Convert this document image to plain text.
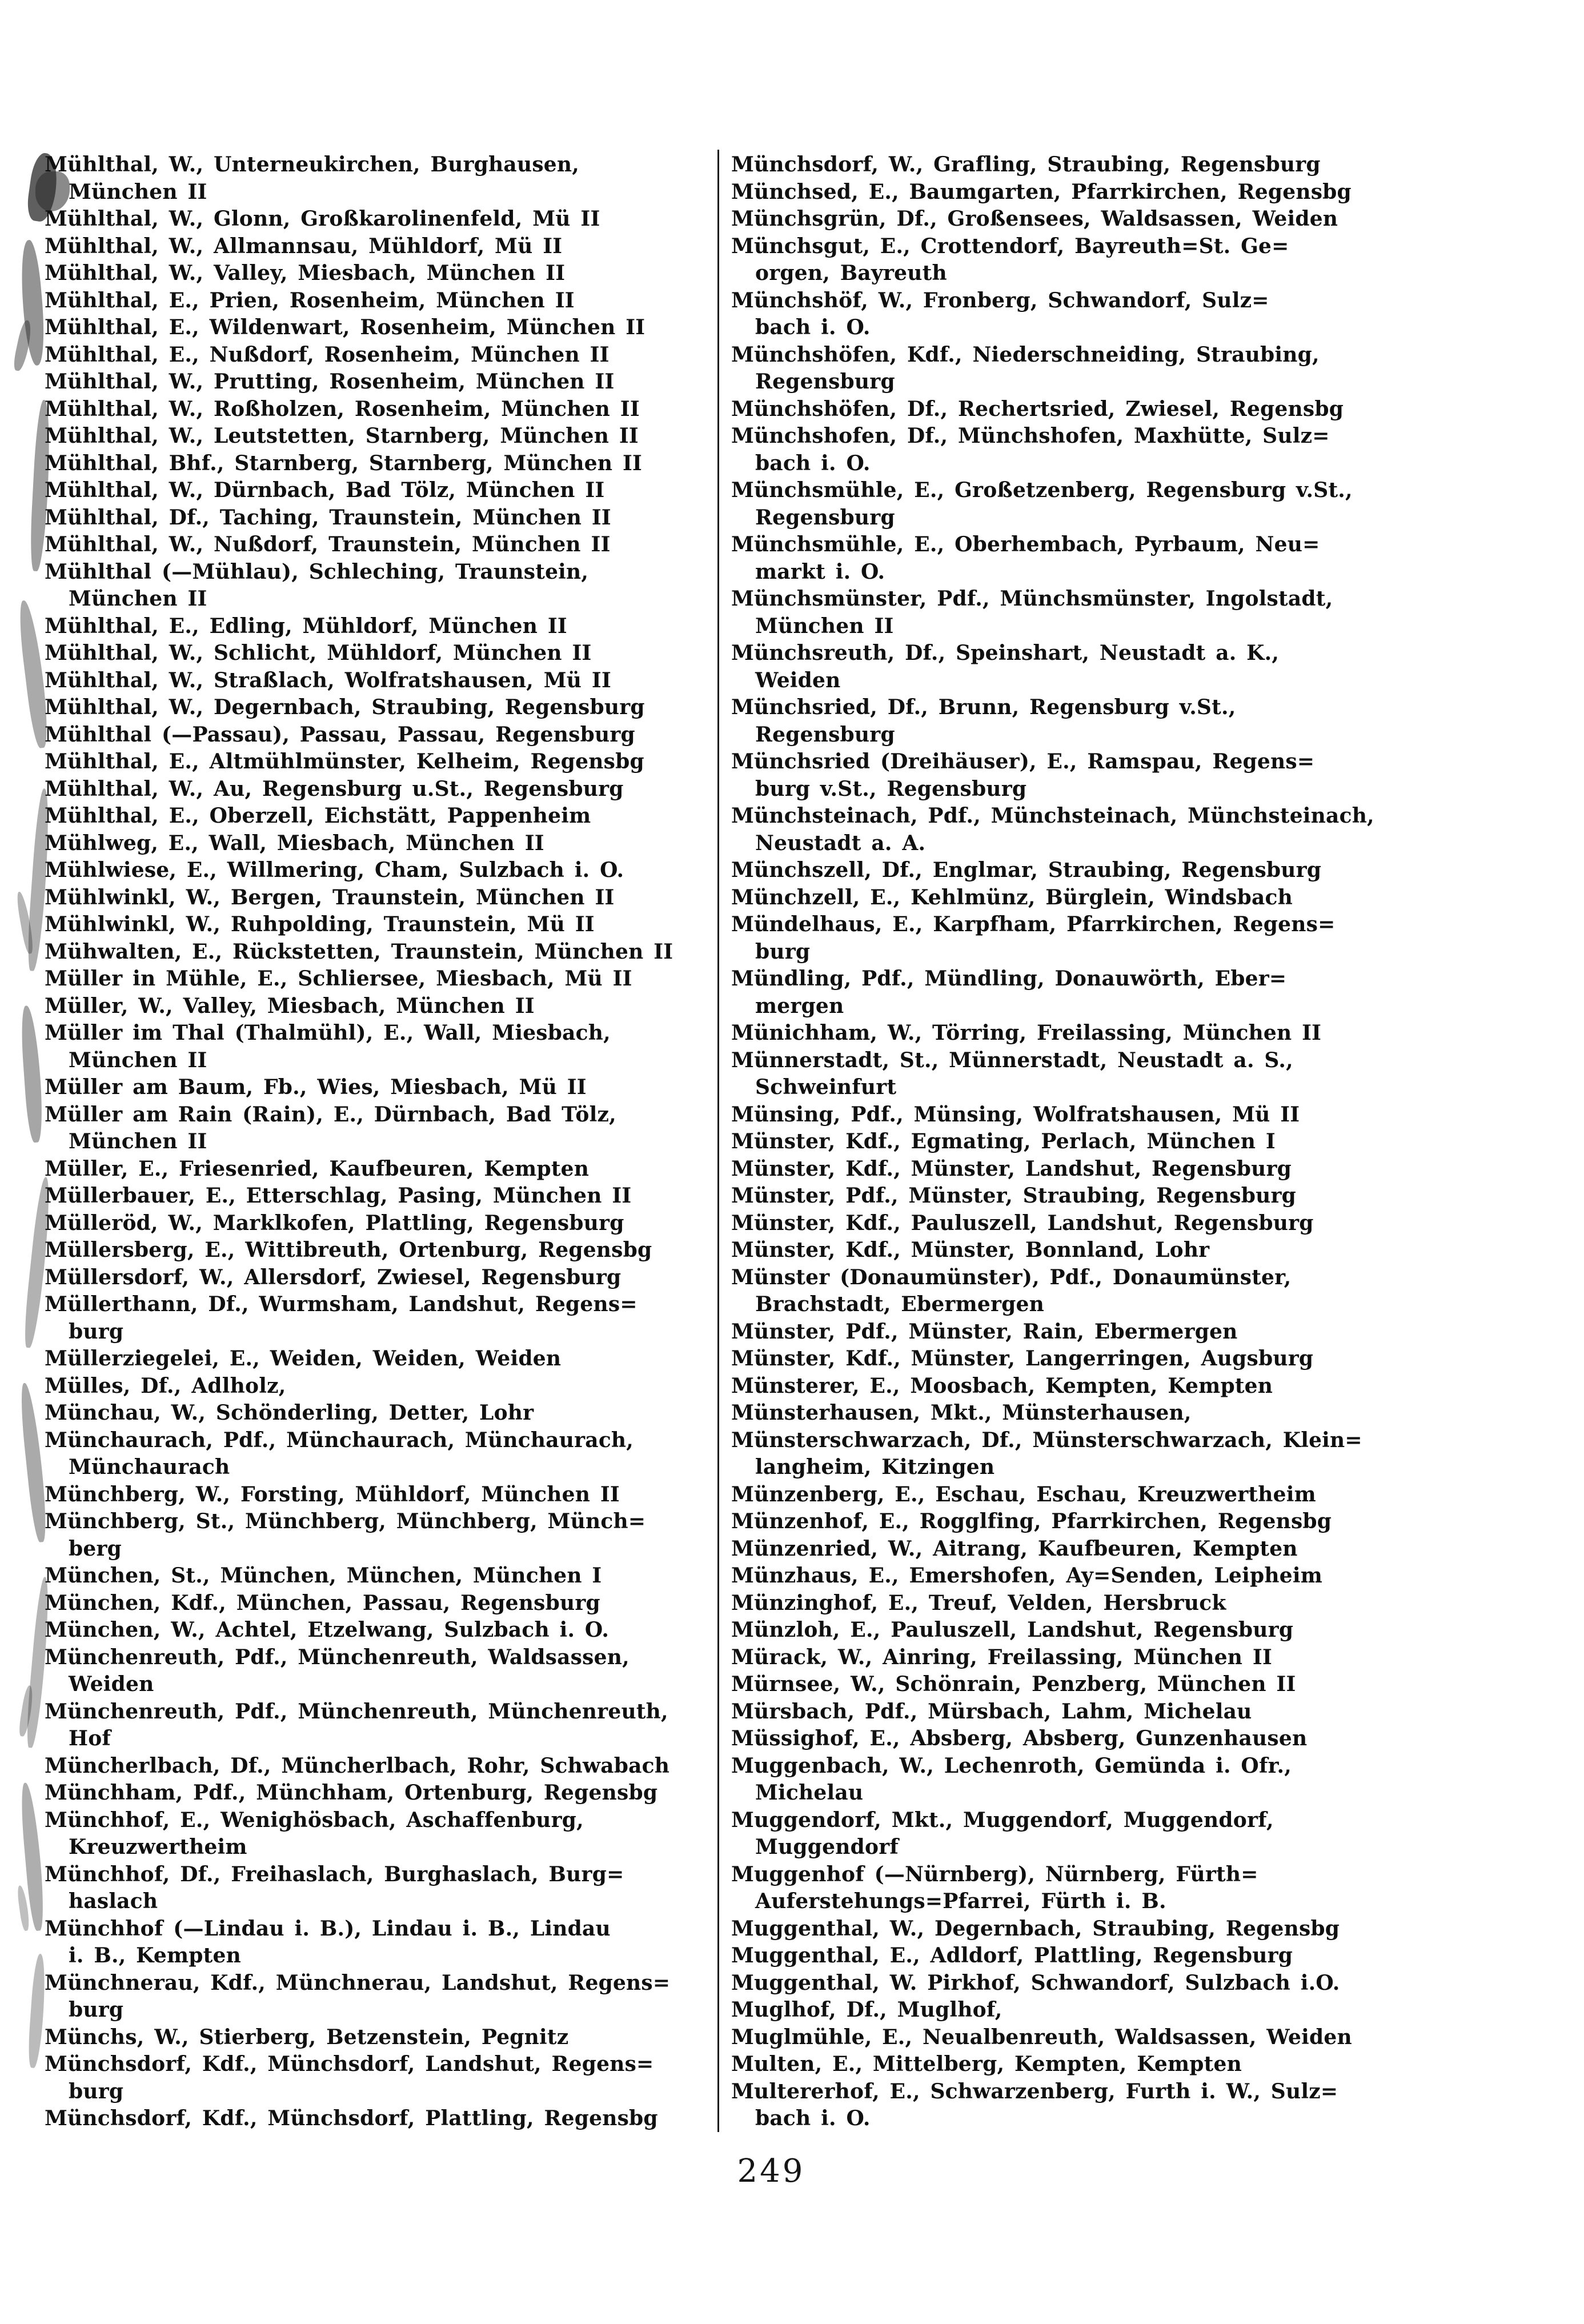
Mühlthal, W., Unterneukirchen, Burghausen,
München II
Mühlthal, W., Glonn, Großkarolinenfeld, Mü II
Mühlthal, W., Allmannsau, Mühldorf, Mü II
Mühlthal, W., Valley, Miesbach, München II
Mühlthal, E., Prien, Rosenheim, München II
Mühlthal, E., Wildenwart, Rosenheim, München II
Mühlthal, E., Nußdorf, Rosenheim, München II
Mühlthal, W., Prutting, Rosenheim, München II
Mühlthal, W., Roßholzen, Rosenheim, München II
Mühlthal, W., Leutstetten, Starnberg, München II
Mühlthal, Bhf., Starnberg, Starnberg, München II
Mühlthal, W., Dürnbach, Bad Tölz, München II
Mühlthal, Df., Taching, Traunstein, München II
Mühlthal, W., Nußdorf, Traunstein, München II
Mühlthal (—Mühlau), Schleching, Traunstein,
München II
Mühlthal, E., Edling, Mühldorf, München II
Mühlthal, W., Schlicht, Mühldorf, München II
Mühlthal, W., Straßlach, Wolfratshausen, Mü II
Mühlthal, W., Degernbach, Straubing, Regensburg
Mühlthal (—Passau), Passau, Passau, Regensburg
Mühlthal, E., Altmühlmünster, Kelheim, Regensbg
Mühlthal, W., Au, Regensburg u.St., Regensburg
Mühlthal, E., Oberzell, Eichstätt, Pappenheim
Mühlweg, E., Wall, Miesbach, München II
Mühlwiese, E., Willmering, Cham, Sulzbach i. O.
Mühlwinkl, W., Bergen, Traunstein, München II
Mühlwinkl, W., Ruhpolding, Traunstein, Mü II
Mühwalten, E., Rückstetten, Traunstein, München II
Müller in Mühle, E., Schliersee, Miesbach, Mü II
Müller, W., Valley, Miesbach, München II
Müller im Thal (Thalmühl), E., Wall, Miesbach,
München II
Müller am Baum, Fb., Wies, Miesbach, Mü II
Müller am Rain (Rain), E., Dürnbach, Bad Tölz,
München II
Müller, E., Friesenried, Kaufbeuren, Kempten
Müllerbauer, E., Etterschlag, Pasing, München II
Mülleröd, W., Marklkofen, Plattling, Regensburg
Müllersberg, E., Wittibreuth, Ortenburg, Regensbg
Müllersdorf, W., Allersdorf, Zwiesel, Regensburg
Müllerthann, Df., Wurmsham, Landshut, Regens=
burg
Müllerziegelei, E., Weiden, Weiden, Weiden
Mülles, Df., Adlholz,
Münchau, W., Schönderling, Detter, Lohr
Münchaurach, Pdf., Münchaurach, Münchaurach,
Münchaurach
Münchberg, W., Forsting, Mühldorf, München II
Münchberg, St., Münchberg, Münchberg, Münch=
berg
München, St., München, München, München I
München, Kdf., München, Passau, Regensburg
München, W., Achtel, Etzelwang, Sulzbach i. O.
Münchenreuth, Pdf., Münchenreuth, Waldsassen,
Weiden
Münchenreuth, Pdf., Münchenreuth, Münchenreuth,
Hof
Müncherlbach, Df., Müncherlbach, Rohr, Schwabach
Münchham, Pdf., Münchham, Ortenburg, Regensbg
Münchhof, E., Wenighösbach, Aschaffenburg,
Kreuzwertheim
Münchhof, Df., Freihaslach, Burghaslach, Burg=
haslach
Münchhof (—Lindau i. B.), Lindau i. B., Lindau
i. B., Kempten
Münchnerau, Kdf., Münchnerau, Landshut, Regens=
burg
Münchs, W., Stierberg, Betzenstein, Pegnitz
Münchsdorf, Kdf., Münchsdorf, Landshut, Regens=
burg
Münchsdorf, Kdf., Münchsdorf, Plattling, Regensbg
Münchsdorf, W., Grafling, Straubing, Regensburg
Münchsed, E., Baumgarten, Pfarrkirchen, Regensbg
Münchsgrün, Df., Großensees, Waldsassen, Weiden
Münchsgut, E., Crottendorf, Bayreuth=St. Ge=
orgen, Bayreuth
Münchshöf, W., Fronberg, Schwandorf, Sulz=
bach i. O.
Münchshöfen, Kdf., Niederschneiding, Straubing,
Regensburg
Münchshöfen, Df., Rechertsried, Zwiesel, Regensbg
Münchshofen, Df., Münchshofen, Maxhütte, Sulz=
bach i. O.
Münchsmühle, E., Großetzenberg, Regensburg v.St.,
Regensburg
Münchsmühle, E., Oberhembach, Pyrbaum, Neu=
markt i. O.
Münchsmünster, Pdf., Münchsmünster, Ingolstadt,
München II
Münchsreuth, Df., Speinshart, Neustadt a. K.,
Weiden
Münchsried, Df., Brunn, Regensburg v.St.,
Regensburg
Münchsried (Dreihäuser), E., Ramspau, Regens=
burg v.St., Regensburg
Münchsteinach, Pdf., Münchsteinach, Münchsteinach,
Neustadt a. A.
Münchszell, Df., Englmar, Straubing, Regensburg
Münchzell, E., Kehlmünz, Bürglein, Windsbach
Mündelhaus, E., Karpfham, Pfarrkirchen, Regens=
burg
Mündling, Pdf., Mündling, Donauwörth, Eber=
mergen
Münichham, W., Törring, Freilassing, München II
Münnerstadt, St., Münnerstadt, Neustadt a. S.,
Schweinfurt
Münsing, Pdf., Münsing, Wolfratshausen, Mü II
Münster, Kdf., Egmating, Perlach, München I
Münster, Kdf., Münster, Landshut, Regensburg
Münster, Pdf., Münster, Straubing, Regensburg
Münster, Kdf., Pauluszell, Landshut, Regensburg
Münster, Kdf., Münster, Bonnland, Lohr
Münster (Donaumünster), Pdf., Donaumünster,
Brachstadt, Ebermergen
Münster, Pdf., Münster, Rain, Ebermergen
Münster, Kdf., Münster, Langerringen, Augsburg
Münsterer, E., Moosbach, Kempten, Kempten
Münsterhausen, Mkt., Münsterhausen,
Münsterschwarzach, Df., Münsterschwarzach, Klein=
langheim, Kitzingen
Münzenberg, E., Eschau, Eschau, Kreuzwertheim
Münzenhof, E., Rogglfing, Pfarrkirchen, Regensbg
Münzenried, W., Aitrang, Kaufbeuren, Kempten
Münzhaus, E., Emershofen, Ay=Senden, Leipheim
Münzinghof, E., Treuf, Velden, Hersbruck
Münzloh, E., Pauluszell, Landshut, Regensburg
Mürack, W., Ainring, Freilassing, München II
Mürnsee, W., Schönrain, Penzberg, München II
Mürsbach, Pdf., Mürsbach, Lahm, Michelau
Müssighof, E., Absberg, Absberg, Gunzenhausen
Muggenbach, W., Lechenroth, Gemünda i. Ofr.,
Michelau
Muggendorf, Mkt., Muggendorf, Muggendorf,
Muggendorf
Muggenhof (—Nürnberg), Nürnberg, Fürth=
Auferstehungs=Pfarrei, Fürth i. B.
Muggenthal, W., Degernbach, Straubing, Regensbg
Muggenthal, E., Adldorf, Plattling, Regensburg
Muggenthal, W. Pirkhof, Schwandorf, Sulzbach i.O.
Muglhof, Df., Muglhof,
Muglmühle, E., Neualbenreuth, Waldsassen, Weiden
Multen, E., Mittelberg, Kempten, Kempten
Multererhof, E., Schwarzenberg, Furth i. W., Sulz=
bach i. O.
249
